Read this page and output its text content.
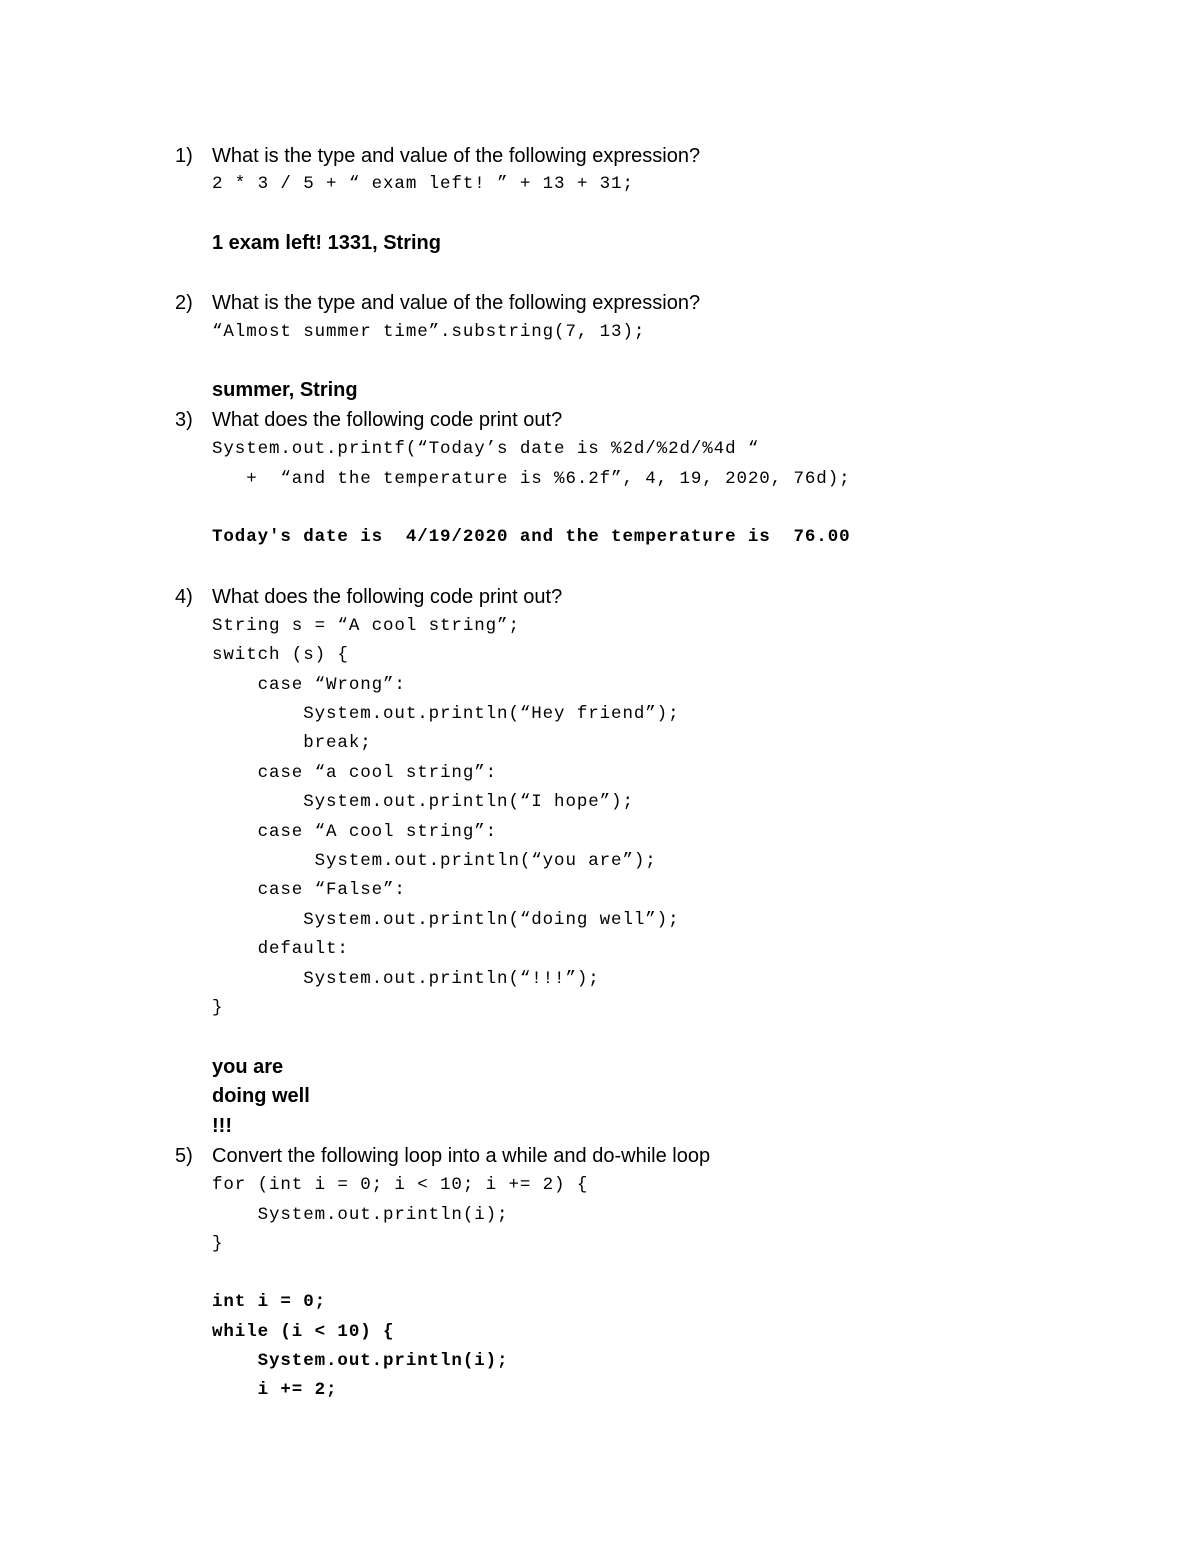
1) What is the type and value of the following expression?
2 * 3 / 5 + “ exam left! ” + 13 + 31;
1 exam left! 1331, String
2) What is the type and value of the following expression?
“Almost summer time”.substring(7, 13);
summer, String
3) What does the following code print out?
System.out.printf(“Today’s date is %2d/%2d/%4d “
+  “and the temperature is %6.2f”, 4, 19, 2020, 76d);
Today's date is  4/19/2020 and the temperature is  76.00
4) What does the following code print out?
String s = “A cool string”;
switch (s) {
case “Wrong”:
System.out.println(“Hey friend”);
break;
case “a cool string”:
System.out.println(“I hope”);
case “A cool string”:
System.out.println(“you are”);
case “False”:
System.out.println(“doing well”);
default:
System.out.println(“!!!”);
}
you are
doing well
!!!
5) Convert the following loop into a while and do-while loop
for (int i = 0; i < 10; i += 2) {
System.out.println(i);
}
int i = 0;
while (i < 10) {
System.out.println(i);
i += 2;
